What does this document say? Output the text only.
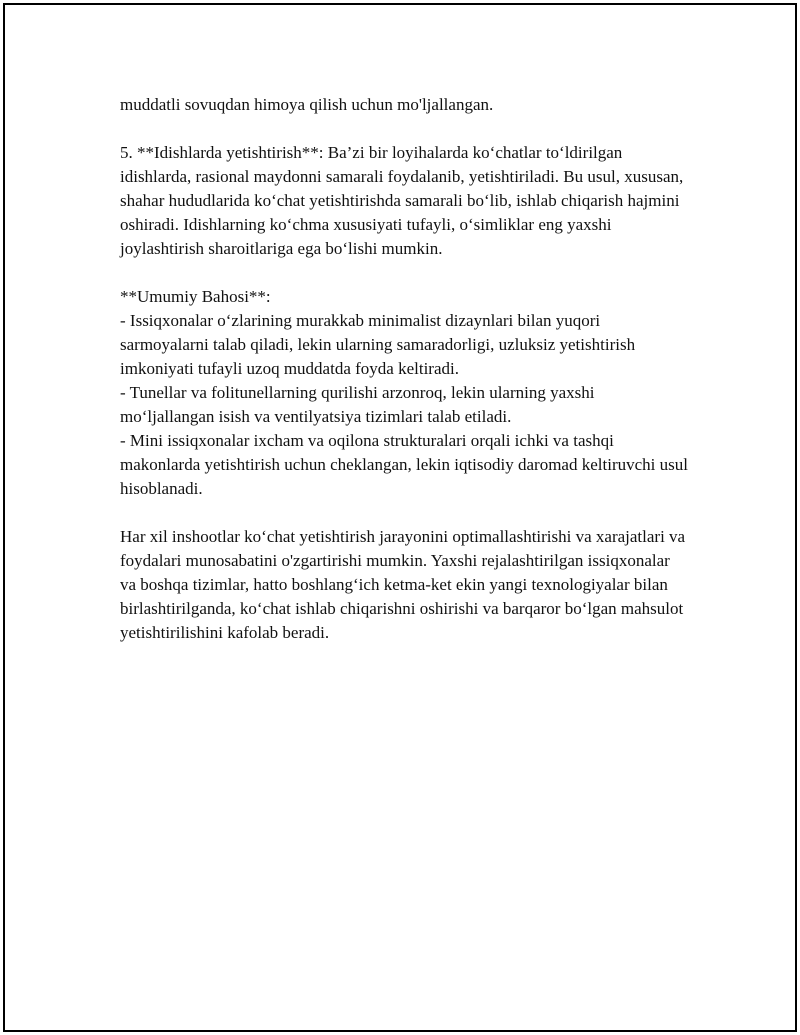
muddatli sovuqdan himoya qilish uchun mo'ljallangan.

5. **Idishlarda yetishtirish**: Ba’zi bir loyihalarda ko‘chatlar to‘ldirilgan idishlarda, rasional maydonni samarali foydalanib, yetishtiriladi. Bu usul, xususan, shahar hududlarida ko‘chat yetishtirishda samarali bo‘lib, ishlab chiqarish hajmini oshiradi. Idishlarning ko‘chma xususiyati tufayli, o‘simliklar eng yaxshi joylashtirish sharoitlariga ega bo‘lishi mumkin.

**Umumiy Bahosi**:
- Issiqxonalar o‘zlarining murakkab minimalist dizaynlari bilan yuqori sarmoyalarni talab qiladi, lekin ularning samaradorligi, uzluksiz yetishtirish imkoniyati tufayli uzoq muddatda foyda keltiradi.
- Tunellar va folitunellarning qurilishi arzonroq, lekin ularning yaxshi mo‘ljallangan isish va ventilyatsiya tizimlari talab etiladi.
- Mini issiqxonalar ixcham va oqilona strukturalari orqali ichki va tashqi makonlarda yetishtirish uchun cheklangan, lekin iqtisodiy daromad keltiruvchi usul hisoblanadi.

Har xil inshootlar ko‘chat yetishtirish jarayonini optimallashtirishi va xarajatlari va foydalari munosabatini o'zgartirishi mumkin. Yaxshi rejalashtirilgan issiqxonalar va boshqa tizimlar, hatto boshlang‘ich ketma-ket ekin yangi texnologiyalar bilan birlashtirilganda, ko‘chat ishlab chiqarishni oshirishi va barqaror bo‘lgan mahsulot yetishtirilishini kafolab beradi.
